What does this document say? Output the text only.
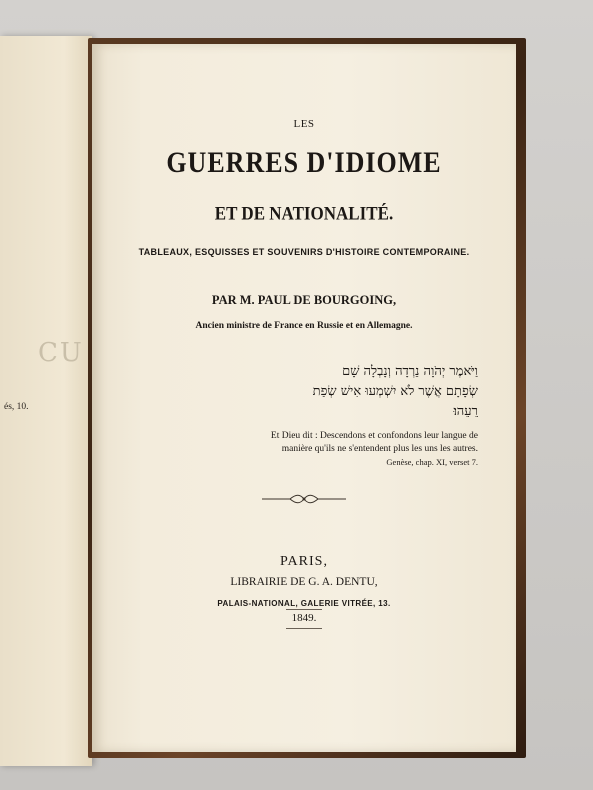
CU
és, 10.
LES
GUERRES D'IDIOME
ET DE NATIONALITÉ.
TABLEAUX, ESQUISSES ET SOUVENIRS D'HISTOIRE CONTEMPORAINE.
PAR M. PAUL DE BOURGOING,
Ancien ministre de France en Russie et en Allemagne.
וַיֹּאמֶר יְהֹוָה נֵרְדָה וְנָבְלָה שָׁם
שְׂפָתָם אֲשֶׁר לֹא יִשְׁמְעוּ אִישׁ שְׂפַת
רֵעֵהוּ׃
Et Dieu dit : Descendons et confondons leur langue de
manière qu'ils ne s'entendent plus les uns les autres.
Genèse, chap. XI, verset 7.
PARIS,
LIBRAIRIE DE G. A. DENTU,
PALAIS-NATIONAL, GALERIE VITRÉE, 13.
1849.
